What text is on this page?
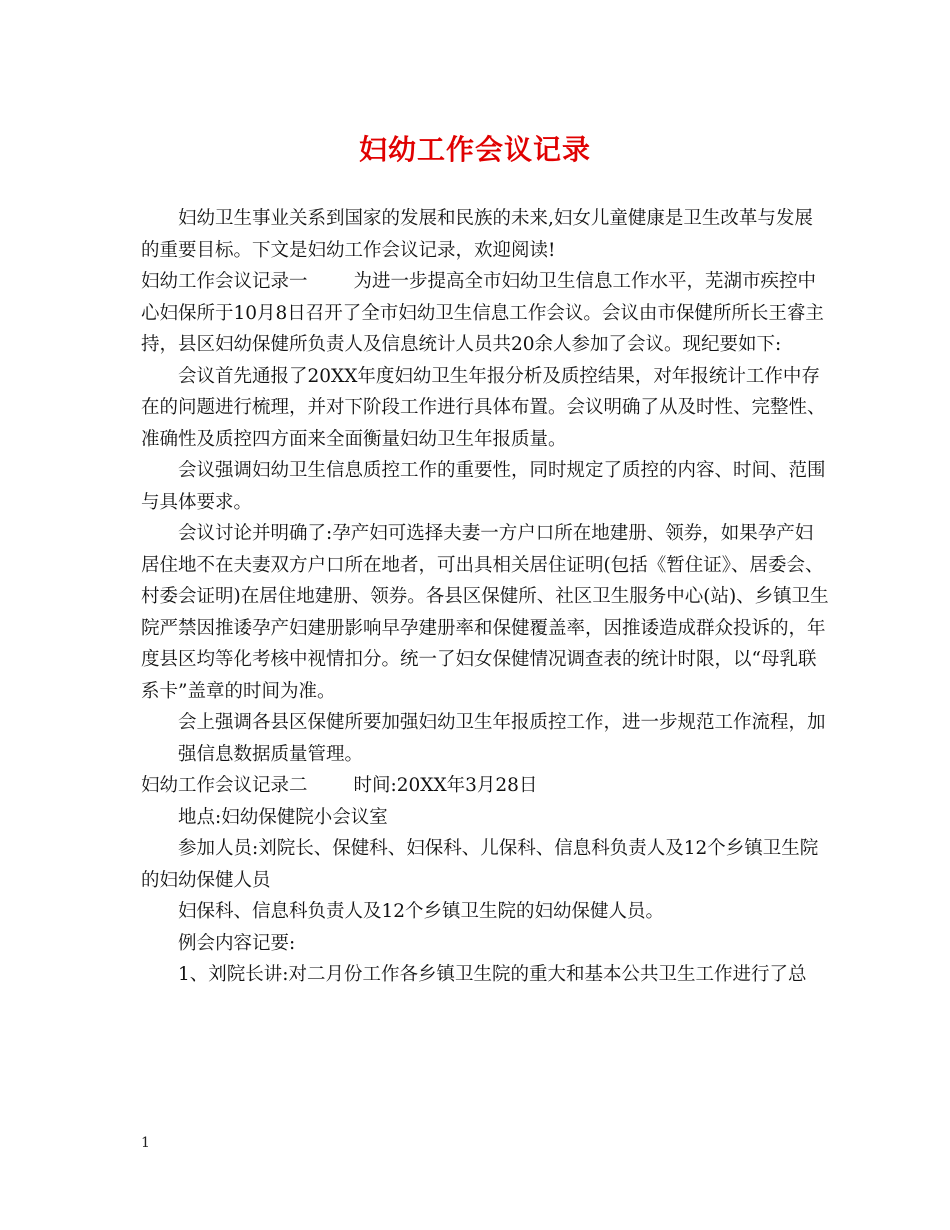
妇幼工作会议记录

妇幼卫生事业关系到国家的发展和民族的未来,妇女儿童健康是卫生改革与发展的重要目标。下文是妇幼工作会议记录，欢迎阅读!

妇幼工作会议记录一 为进一步提高全市妇幼卫生信息工作水平，芜湖市疾控中心妇保所于10月8日召开了全市妇幼卫生信息工作会议。会议由市保健所所长王睿主持，县区妇幼保健所负责人及信息统计人员共20余人参加了会议。现纪要如下:

会议首先通报了20XX年度妇幼卫生年报分析及质控结果，对年报统计工作中存在的问题进行梳理，并对下阶段工作进行具体布置。会议明确了从及时性、完整性、准确性及质控四方面来全面衡量妇幼卫生年报质量。

会议强调妇幼卫生信息质控工作的重要性，同时规定了质控的内容、时间、范围与具体要求。

会议讨论并明确了:孕产妇可选择夫妻一方户口所在地建册、领券，如果孕产妇居住地不在夫妻双方户口所在地者，可出具相关居住证明(包括《暂住证》、居委会、村委会证明)在居住地建册、领券。各县区保健所、社区卫生服务中心(站)、乡镇卫生院严禁因推诿孕产妇建册影响早孕建册率和保健覆盖率，因推诿造成群众投诉的，年度县区均等化考核中视情扣分。统一了妇女保健情况调查表的统计时限，以“母乳联系卡”盖章的时间为准。

会上强调各县区保健所要加强妇幼卫生年报质控工作，进一步规范工作流程，加强信息数据质量管理。

妇幼工作会议记录二 时间:20XX年3月28日

地点:妇幼保健院小会议室

参加人员:刘院长、保健科、妇保科、儿保科、信息科负责人及12个乡镇卫生院的妇幼保健人员

妇保科、信息科负责人及12个乡镇卫生院的妇幼保健人员。

例会内容记要:

1、刘院长讲:对二月份工作各乡镇卫生院的重大和基本公共卫生工作进行了总

1
